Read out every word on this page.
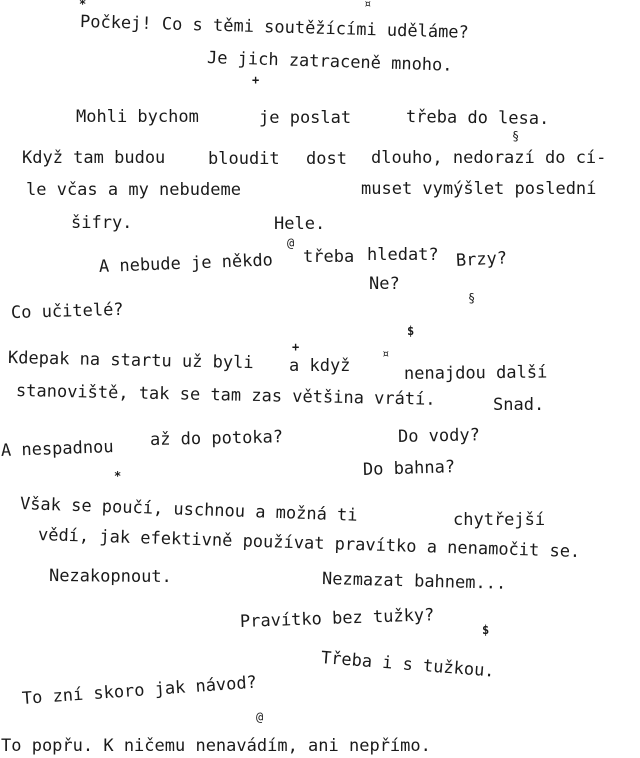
Počkej! Co s těmi soutěžícími uděláme?
Je jich zatraceně mnoho.
Mohli bychom	je poslat	třeba do lesa.
Když tam budou	bloudit dost dlouho, nedorazí do cí-
le včas a my nebudeme	muset vymýšlet poslední
šifry.	Hele.
A nebude je někdo třeba hledat? Brzy?
Ne?
Co učitelé?
Kdepak na startu už byli a když	nenajdou další
stanoviště, tak se tam zas většina vrátí.	Snad.
A nespadnou až do potoka?	Do vody?
Do bahna?
Však se poučí, uschnou a možná ti	chytřejší
vědí, jak efektivně používat pravítko a nenamočit se.
Nezakopnout.	Nezmazat bahnem...
Pravítko bez tužky?
Třeba i s tužkou.
To zní skoro jak návod?
To popřu. K ničemu nenavádím, ani nepřímo.
*	¤
+
§
@
§
$
+	¤
*
$
@
